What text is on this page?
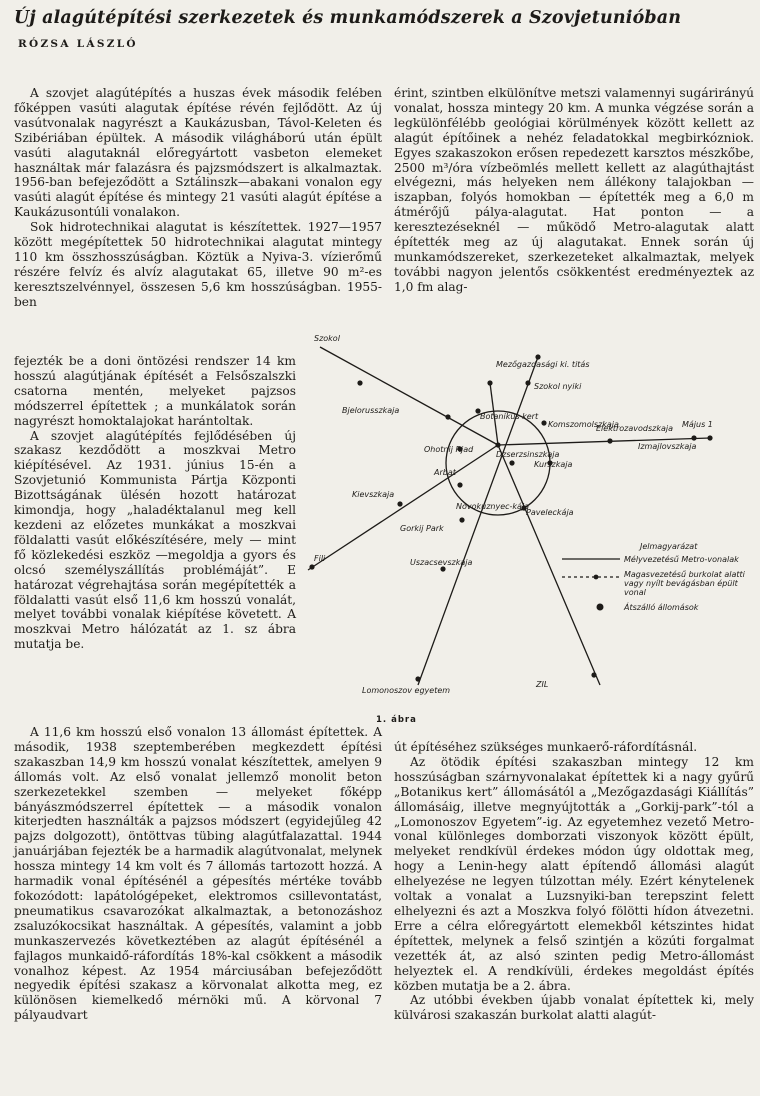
Új alagútépítési szerkezetek és munkamódszerek a Szovjetunióban
RÓZSA LÁSZLÓ

A szovjet alagútépítés a huszas évek második felében főképpen vasúti alagutak építése révén fejlődött. Az új vasútvonalak nagyrészt a Kaukázusban, Távol-Keleten és Szibériában épültek. A második világháború után épült vasúti alagutaknál előregyártott vasbeton elemeket használtak már falazásra és pajzsmódszert is alkalmaztak. 1956-ban befejeződött a Sztálinszk—abakani vonalon egy vasúti alagút építése és mintegy 21 vasúti alagút építése a Kaukázusontúli vonalakon.

Sok hidrotechnikai alagutat is készítettek. 1927—1957 között megépítettek 50 hidrotechnikai alagutat mintegy 110 km összhosszúságban. Köztük a Nyiva-3. vízierőmű részére felvíz és alvíz alagutakat 65, illetve 90 m²-es keresztszelvénnyel, összesen 5,6 km hosszúságban. 1955-ben

fejezték be a doni öntözési rendszer 14 km hosszú alagútjának építését a Felsőszalszki csatorna mentén, melyeket pajzsos módszerrel építettek ; a munkálatok során nagyrészt homoktalajokat harántoltak.

A szovjet alagútépítés fejlődésében új szakasz kezdődött a moszkvai Metro kiépítésével. Az 1931. június 15-én a Szovjetunió Kommunista Pártja Központi Bizottságának ülésén hozott határozat kimondja, hogy „haladéktalanul meg kell kezdeni az előzetes munkákat a moszkvai földalatti vasút előkészítésére, mely — mint fő közlekedési eszköz —megoldja a gyors és olcsó személyszállítás problémáját”. E határozat végrehajtása során megépítették a földalatti vasút első 11,6 km hosszú vonalát, melyet további vonalak kiépítése követett. A moszkvai Metro hálózatát az 1. sz ábra mutatja be.

A 11,6 km hosszú első vonalon 13 állomást építettek. A második, 1938 szeptemberében megkezdett építési szakaszban 14,9 km hosszú vonalat készítettek, amelyen 9 állomás volt. Az első vonalat jellemző monolit beton szerkezetekkel szemben — melyeket főképp bányászmódszerrel építettek — a második vonalon kiterjedten használták a pajzsos módszert (egyidejűleg 42 pajzs dolgozott), öntöttvas tübing alagútfalazattal. 1944 januárjában fejezték be a harmadik alagútvonalat, melynek hossza mintegy 14 km volt és 7 állomás tartozott hozzá. A harmadik vonal építésénél a gépesítés mértéke tovább fokozódott: lapátológépeket, elektromos csillevontatást, pneumatikus csavarozókat alkalmaztak, a betonozáshoz zsaluzókocsikat használtak. A gépesítés, valamint a jobb munkaszervezés következtében az alagút építésénél a fajlagos munkaidő-ráfordítás 18%-kal csökkent a második vonalhoz képest. Az 1954 márciusában befejeződött negyedik építési szakasz a körvonalat alkotta meg, ez különösen kiemelkedő mérnöki mű. A körvonal 7 pályaudvart

érint, szintben elkülönítve metszi valamennyi sugárirányú vonalat, hossza mintegy 20 km. A munka végzése során a legkülönfélébb geológiai körülmények között kellett az alagút építőinek a nehéz feladatokkal megbirkózniok. Egyes szakaszokon erősen repedezett karsztos mészkőbe, 2500 m³/óra vízbeömlés mellett kellett az alagúthajtást elvégezni, más helyeken nem állékony talajokban — iszapban, folyós homokban — építették meg a 6,0 m átmérőjű pálya-alagutat. Hat ponton — a keresztezéseknél — működő Metro-alagutak alatt építették meg az új alagutakat. Ennek során új munkamódszereket, szerkezeteket alkalmaztak, melyek további nagyon jelentős csökkentést eredményeztek az 1,0 fm alag-

út építéséhez szükséges munkaerő-ráfordításnál.

Az ötödik építési szakaszban mintegy 12 km hosszúságban szárnyvonalakat építettek ki a nagy gyűrű „Botanikus kert” állomásától a „Mezőgazdasági Kiállítás” állomásáig, illetve megnyújtották a „Gorkij-park”-tól a „Lomonoszov Egyetem”-ig. Az egyetemhez vezető Metro-vonal különleges domborzati viszonyok között épült, melyeket rendkívül érdekes módon úgy oldottak meg, hogy a Lenin-hegy alatt építendő állomási alagút elhelyezése ne legyen túlzottan mély. Ezért kénytelenek voltak a vonalat a Luzsnyiki-ban terepszint felett elhelyezni és azt a Moszkva folyó fölötti hídon átvezetni. Erre a célra előregyártott elemekből kétszintes hidat építettek, melynek a felső szintjén a közúti forgalmat vezették át, az alsó szinten pedig Metro-állomást helyeztek el. A rendkívüli, érdekes megoldást építés közben mutatja be a 2. ábra.

Az utóbbi években újabb vonalat építettek ki, mely külvárosi szakaszán burkolat alatti alagút-

Mezőgazdasági ki. titás
Szokol
Szokol nyiki
Botanikus kert
Május 1
Izmajlovszkaja
Elektrozavodszkaja
Bjelorusszkaja
Komszomolszkaja
Ohotnij Rjad
Dzserzsinszkaja
Arbat
Kurszkaja
Fili
Kievszkaja
Novokuznyec-kája
Gorkij Park
Paveleckája
Uszacsevszkaja
ZIL
Lomonoszov egyetem
Jelmagyarázat
Mélyvezetésű Metro-vonalak
Magasvezetésű burkolat alatti
vagy nyílt bevágásban épült
vonal
Átszálló állomások
1. ábra
